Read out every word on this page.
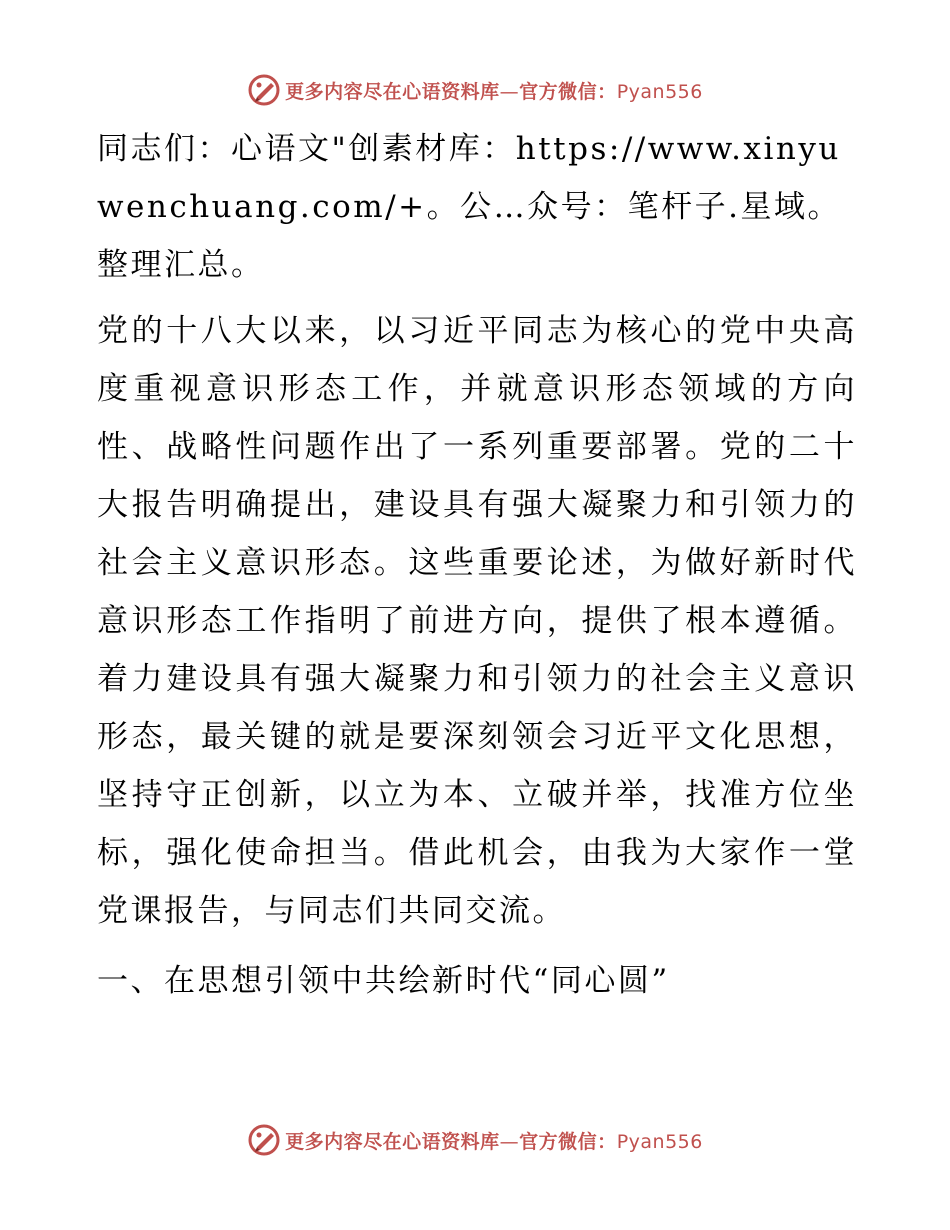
更多内容尽在心语资料库—官方微信：Pyan556

同志们：心语文"创素材库：https://www.xinyuwenchuang.com/+。公…众号：笔杆子.星域。整理汇总。

党的十八大以来，以习近平同志为核心的党中央高度重视意识形态工作，并就意识形态领域的方向性、战略性问题作出了一系列重要部署。党的二十大报告明确提出，建设具有强大凝聚力和引领力的社会主义意识形态。这些重要论述，为做好新时代意识形态工作指明了前进方向，提供了根本遵循。着力建设具有强大凝聚力和引领力的社会主义意识形态，最关键的就是要深刻领会习近平文化思想，坚持守正创新，以立为本、立破并举，找准方位坐标，强化使命担当。借此机会，由我为大家作一堂党课报告，与同志们共同交流。

一、在思想引领中共绘新时代“同心圆”

更多内容尽在心语资料库—官方微信：Pyan556
